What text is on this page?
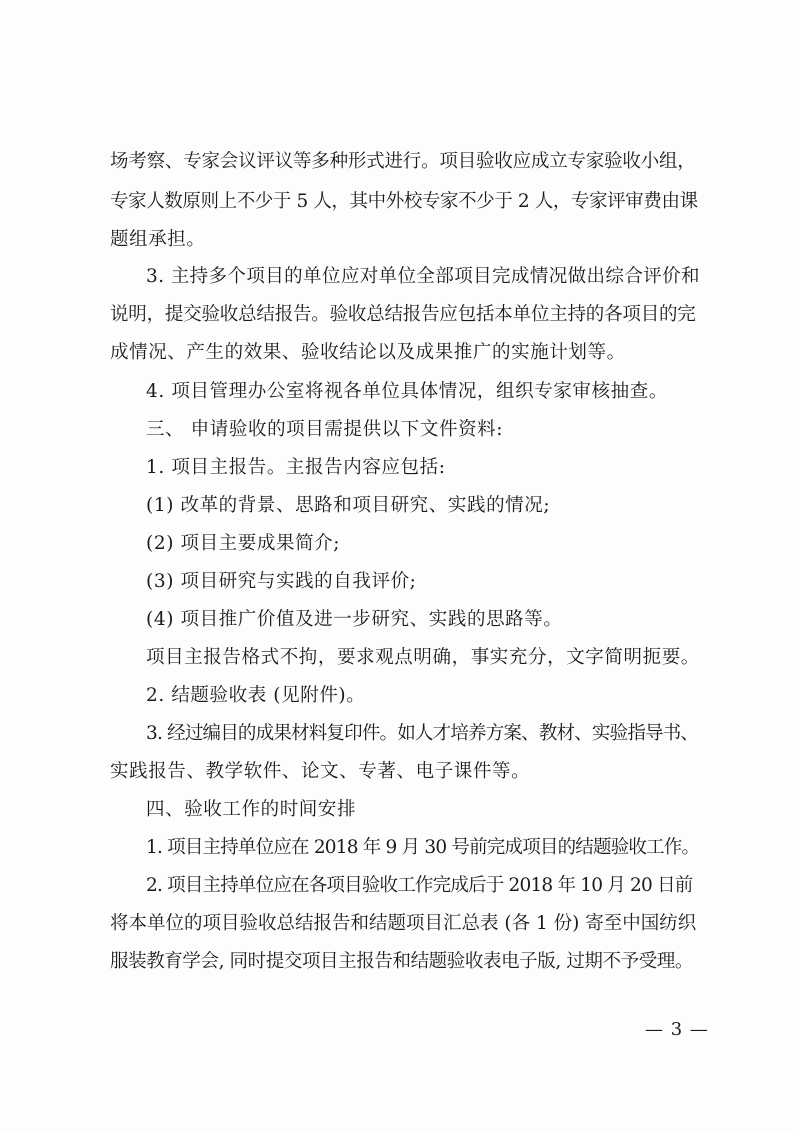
场考察、专家会议评议等多种形式进行。项目验收应成立专家验收小组，
专家人数原则上不少于 5 人，其中外校专家不少于 2 人，专家评审费由课
题组承担。
3. 主持多个项目的单位应对单位全部项目完成情况做出综合评价和
说明，提交验收总结报告。验收总结报告应包括本单位主持的各项目的完
成情况、产生的效果、验收结论以及成果推广的实施计划等。
4. 项目管理办公室将视各单位具体情况，组织专家审核抽查。
三、 申请验收的项目需提供以下文件资料:
1. 项目主报告。主报告内容应包括:
(1) 改革的背景、思路和项目研究、实践的情况;
(2) 项目主要成果简介;
(3) 项目研究与实践的自我评价;
(4) 项目推广价值及进一步研究、实践的思路等。
项目主报告格式不拘，要求观点明确，事实充分，文字简明扼要。
2. 结题验收表 (见附件)。
3. 经过编目的成果材料复印件。如人才培养方案、教材、实验指导书、
实践报告、教学软件、论文、专著、电子课件等。
四、验收工作的时间安排
1. 项目主持单位应在 2018 年 9 月 30 号前完成项目的结题验收工作。
2. 项目主持单位应在各项目验收工作完成后于 2018 年 10 月 20 日前
将本单位的项目验收总结报告和结题项目汇总表 (各 1 份) 寄至中国纺织
服装教育学会, 同时提交项目主报告和结题验收表电子版, 过期不予受理。
— 3 —
